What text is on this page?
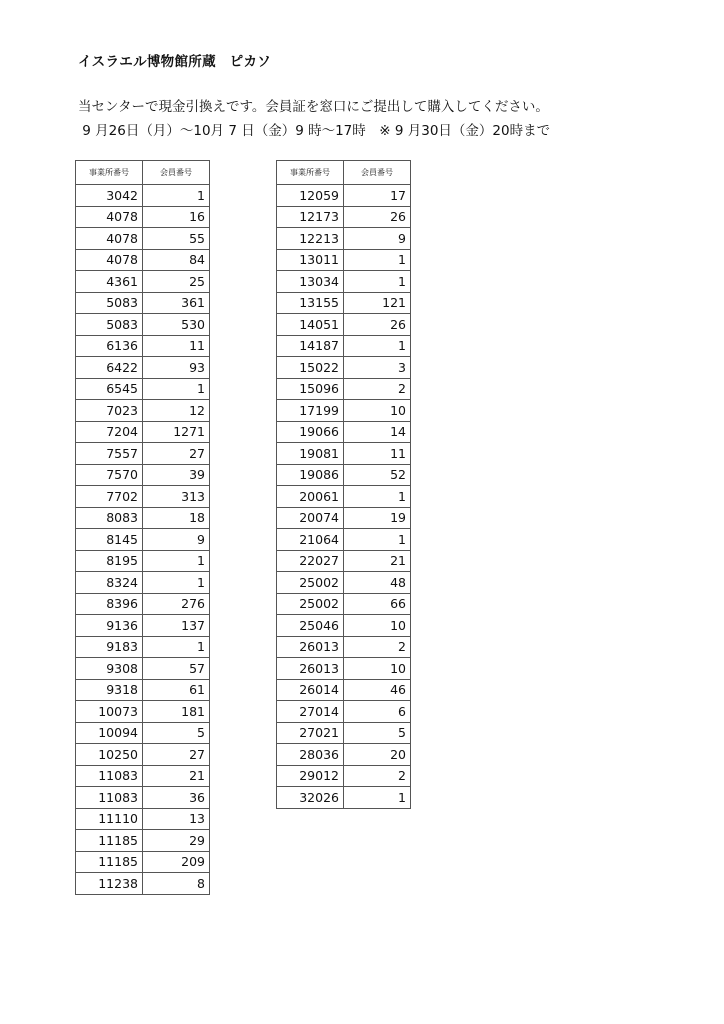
イスラエル博物館所蔵　ピカソ
当センターで現金引換えです。会員証を窓口にご提出して購入してください。
9 月26日（月）～10月 7 日（金）9 時～17時　※ 9 月30日（金）20時まで
事業所番号	会員番号
3042	1
4078	16
4078	55
4078	84
4361	25
5083	361
5083	530
6136	11
6422	93
6545	1
7023	12
7204	1271
7557	27
7570	39
7702	313
8083	18
8145	9
8195	1
8324	1
8396	276
9136	137
9183	1
9308	57
9318	61
10073	181
10094	5
10250	27
11083	21
11083	36
11110	13
11185	29
11185	209
11238	8
事業所番号	会員番号
12059	17
12173	26
12213	9
13011	1
13034	1
13155	121
14051	26
14187	1
15022	3
15096	2
17199	10
19066	14
19081	11
19086	52
20061	1
20074	19
21064	1
22027	21
25002	48
25002	66
25046	10
26013	2
26013	10
26014	46
27014	6
27021	5
28036	20
29012	2
32026	1
